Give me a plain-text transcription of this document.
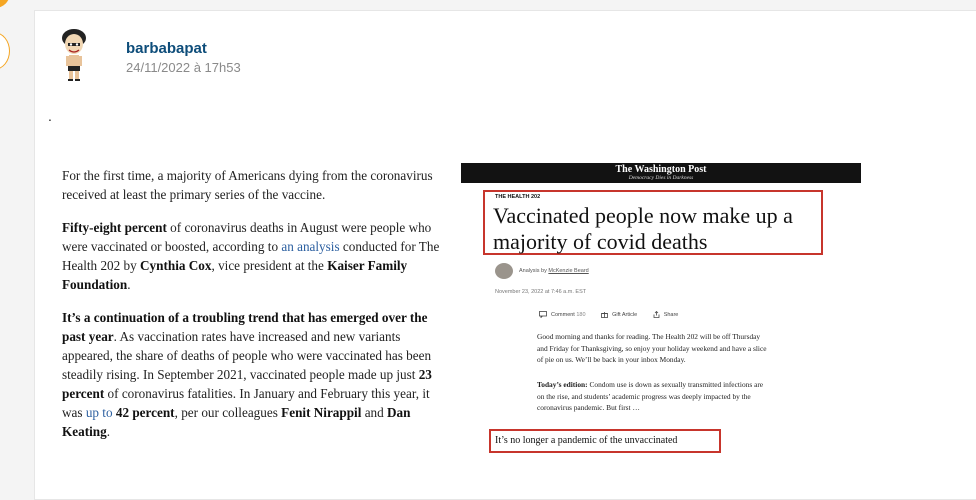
barbabapat
24/11/2022 à 17h53
.

For the first time, a majority of Americans dying from the coronavirus received at least the primary series of the vaccine.

Fifty-eight percent of coronavirus deaths in August were people who were vaccinated or boosted, according to an analysis conducted for The Health 202 by Cynthia Cox, vice president at the Kaiser Family Foundation.

It’s a continuation of a troubling trend that has emerged over the past year. As vaccination rates have increased and new variants appeared, the share of deaths of people who were vaccinated has been steadily rising. In September 2021, vaccinated people made up just 23 percent of coronavirus fatalities. In January and February this year, it was up to 42 percent, per our colleagues Fenit Nirappil and Dan Keating.

The Washington Post
Democracy Dies in Darkness
THE HEALTH 202
Vaccinated people now make up a majority of covid deaths
Analysis by McKenzie Beard
November 23, 2022 at 7:46 a.m. EST
Comment 180	Gift Article	Share
Good morning and thanks for reading. The Health 202 will be off Thursday and Friday for Thanksgiving, so enjoy your holiday weekend and have a slice of pie on us. We’ll be back in your inbox Monday.
Today’s edition: Condom use is down as sexually transmitted infections are on the rise, and students’ academic progress was deeply impacted by the coronavirus pandemic. But first …
It’s no longer a pandemic of the unvaccinated
